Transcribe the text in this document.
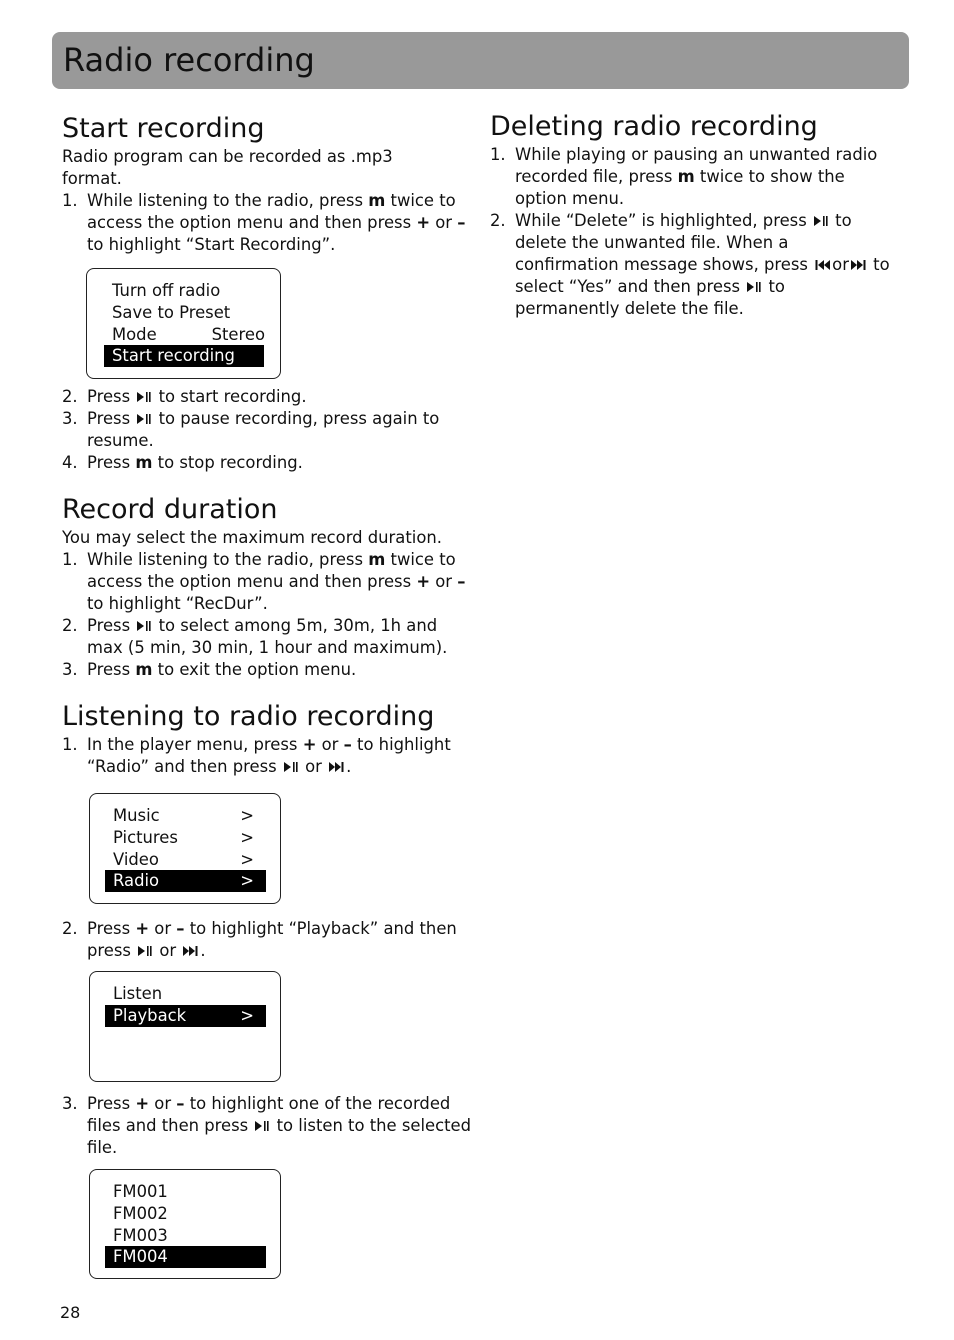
Radio recording
Start recording

Radio program can be recorded as .mp3 format.

1. While listening to the radio, press m twice to access the option menu and then press + or – to highlight “Start Recording”.
Turn off radio
Save to Preset
Mode	Stereo
Start recording
2. Press  to start recording.
3. Press  to pause recording, press again to resume.
4. Press m to stop recording.
Record duration

You may select the maximum record duration.

1. While listening to the radio, press m twice to access the option menu and then press + or – to highlight “RecDur”.
2. Press  to select among 5m, 30m, 1h and max (5 min, 30 min, 1 hour and maximum).
3. Press m to exit the option menu.
Listening to radio recording
1. In the player menu, press + or – to highlight “Radio” and then press  or .
Music	>
Pictures	>
Video	>
Radio	>
2. Press + or – to highlight “Playback” and then press  or .
Listen
Playback	>
3. Press + or – to highlight one of the recorded files and then press  to listen to the selected file.
FM001
FM002
FM003
FM004
Deleting radio recording
1. While playing or pausing an unwanted radio recorded file, press m twice to show the option menu.
2. While “Delete” is highlighted, press  to delete the unwanted file. When a confirmation message shows, press or to select “Yes” and then press  to permanently delete the file.
28
